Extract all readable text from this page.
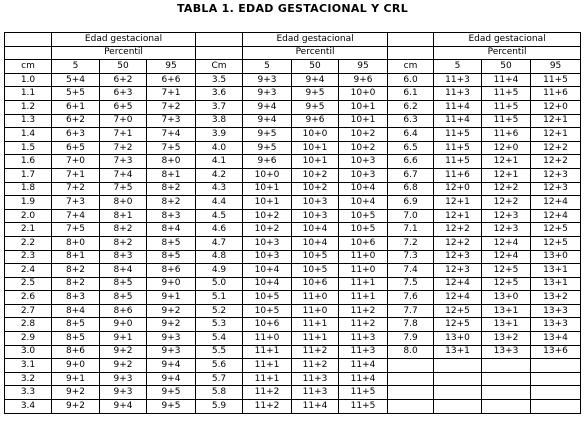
TABLA 1. EDAD GESTACIONAL Y CRL
	Edad gestacional				Edad gestacional				Edad gestacional		
	Percentil				Percentil				Percentil		
cm	5	50	95	Cm	5	50	95	cm	5	50	95
1.0	5+4	6+2	6+6	3.5	9+3	9+4	9+6	6.0	11+3	11+4	11+5
1.1	5+5	6+3	7+1	3.6	9+3	9+5	10+0	6.1	11+3	11+5	11+6
1.2	6+1	6+5	7+2	3.7	9+4	9+5	10+1	6.2	11+4	11+5	12+0
1.3	6+2	7+0	7+3	3.8	9+4	9+6	10+1	6.3	11+4	11+5	12+1
1.4	6+3	7+1	7+4	3.9	9+5	10+0	10+2	6.4	11+5	11+6	12+1
1.5	6+5	7+2	7+5	4.0	9+5	10+1	10+2	6.5	11+5	12+0	12+2
1.6	7+0	7+3	8+0	4.1	9+6	10+1	10+3	6.6	11+5	12+1	12+2
1.7	7+1	7+4	8+1	4.2	10+0	10+2	10+3	6.7	11+6	12+1	12+3
1.8	7+2	7+5	8+2	4.3	10+1	10+2	10+4	6.8	12+0	12+2	12+3
1.9	7+3	8+0	8+2	4.4	10+1	10+3	10+4	6.9	12+1	12+2	12+4
2.0	7+4	8+1	8+3	4.5	10+2	10+3	10+5	7.0	12+1	12+3	12+4
2.1	7+5	8+2	8+4	4.6	10+2	10+4	10+5	7.1	12+2	12+3	12+5
2.2	8+0	8+2	8+5	4.7	10+3	10+4	10+6	7.2	12+2	12+4	12+5
2.3	8+1	8+3	8+5	4.8	10+3	10+5	11+0	7.3	12+3	12+4	13+0
2.4	8+2	8+4	8+6	4.9	10+4	10+5	11+0	7.4	12+3	12+5	13+1
2.5	8+2	8+5	9+0	5.0	10+4	10+6	11+1	7.5	12+4	12+5	13+1
2.6	8+3	8+5	9+1	5.1	10+5	11+0	11+1	7.6	12+4	13+0	13+2
2.7	8+4	8+6	9+2	5.2	10+5	11+0	11+2	7.7	12+5	13+1	13+3
2.8	8+5	9+0	9+2	5.3	10+6	11+1	11+2	7.8	12+5	13+1	13+3
2.9	8+5	9+1	9+3	5.4	11+0	11+1	11+3	7.9	13+0	13+2	13+4
3.0	8+6	9+2	9+3	5.5	11+1	11+2	11+3	8.0	13+1	13+3	13+6
3.1	9+0	9+2	9+4	5.6	11+1	11+2	11+4				
3.2	9+1	9+3	9+4	5.7	11+1	11+3	11+4				
3.3	9+2	9+3	9+5	5.8	11+2	11+3	11+5				
3.4	9+2	9+4	9+5	5.9	11+2	11+4	11+5				
